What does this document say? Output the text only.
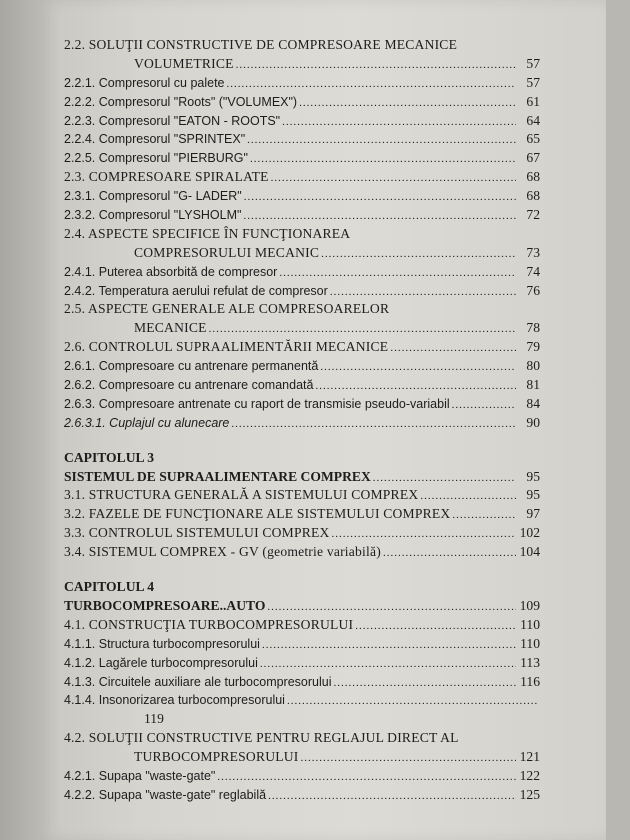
2.2. SOLUŢII CONSTRUCTIVE DE COMPRESOARE MECANICE
VOLUMETRICE .....	57
2.2.1. Compresorul cu palete .....	57
2.2.2. Compresorul "Roots" ("VOLUMEX") .....	61
2.2.3. Compresorul "EATON - ROOTS" .....	64
2.2.4. Compresorul "SPRINTEX" .....	65
2.2.5. Compresorul "PIERBURG" .....	67
2.3. COMPRESOARE SPIRALATE .....	68
2.3.1. Compresorul "G- LADER" .....	68
2.3.2. Compresorul "LYSHOLM" .....	72
2.4. ASPECTE SPECIFICE ÎN FUNCŢIONAREA
COMPRESORULUI MECANIC .....	73
2.4.1. Puterea absorbită de compresor .....	74
2.4.2. Temperatura aerului refulat de compresor .....	76
2.5. ASPECTE GENERALE ALE COMPRESOARELOR
MECANICE .....	78
2.6. CONTROLUL SUPRAALIMENTĂRII MECANICE .....	79
2.6.1. Compresoare cu antrenare permanentă .....	80
2.6.2. Compresoare cu antrenare comandată .....	81
2.6.3. Compresoare antrenate cu raport de transmisie pseudo-variabil .....	84
2.6.3.1. Cuplajul cu alunecare .....	90
CAPITOLUL 3
SISTEMUL DE SUPRAALIMENTARE COMPREX .....	95
3.1. STRUCTURA GENERALĂ A SISTEMULUI COMPREX .....	95
3.2. FAZELE DE FUNCŢIONARE ALE SISTEMULUI COMPREX .....	97
3.3. CONTROLUL SISTEMULUI COMPREX .....	102
3.4. SISTEMUL COMPREX - GV (geometrie variabilă) .....	104
CAPITOLUL 4
TURBOCOMPRESOARE..AUTO .....	109
4.1. CONSTRUCŢIA TURBOCOMPRESORULUI .....	110
4.1.1. Structura turbocompresorului .....	110
4.1.2. Lagărele turbocompresorului .....	113
4.1.3. Circuitele auxiliare ale turbocompresorului .....	116
4.1.4. Insonorizarea turbocompresorului
.....
119
4.2. SOLUŢII CONSTRUCTIVE PENTRU REGLAJUL DIRECT AL
TURBOCOMPRESORULUI .....	121
4.2.1. Supapa "waste-gate" .....	122
4.2.2. Supapa "waste-gate" reglabilă .....	125
